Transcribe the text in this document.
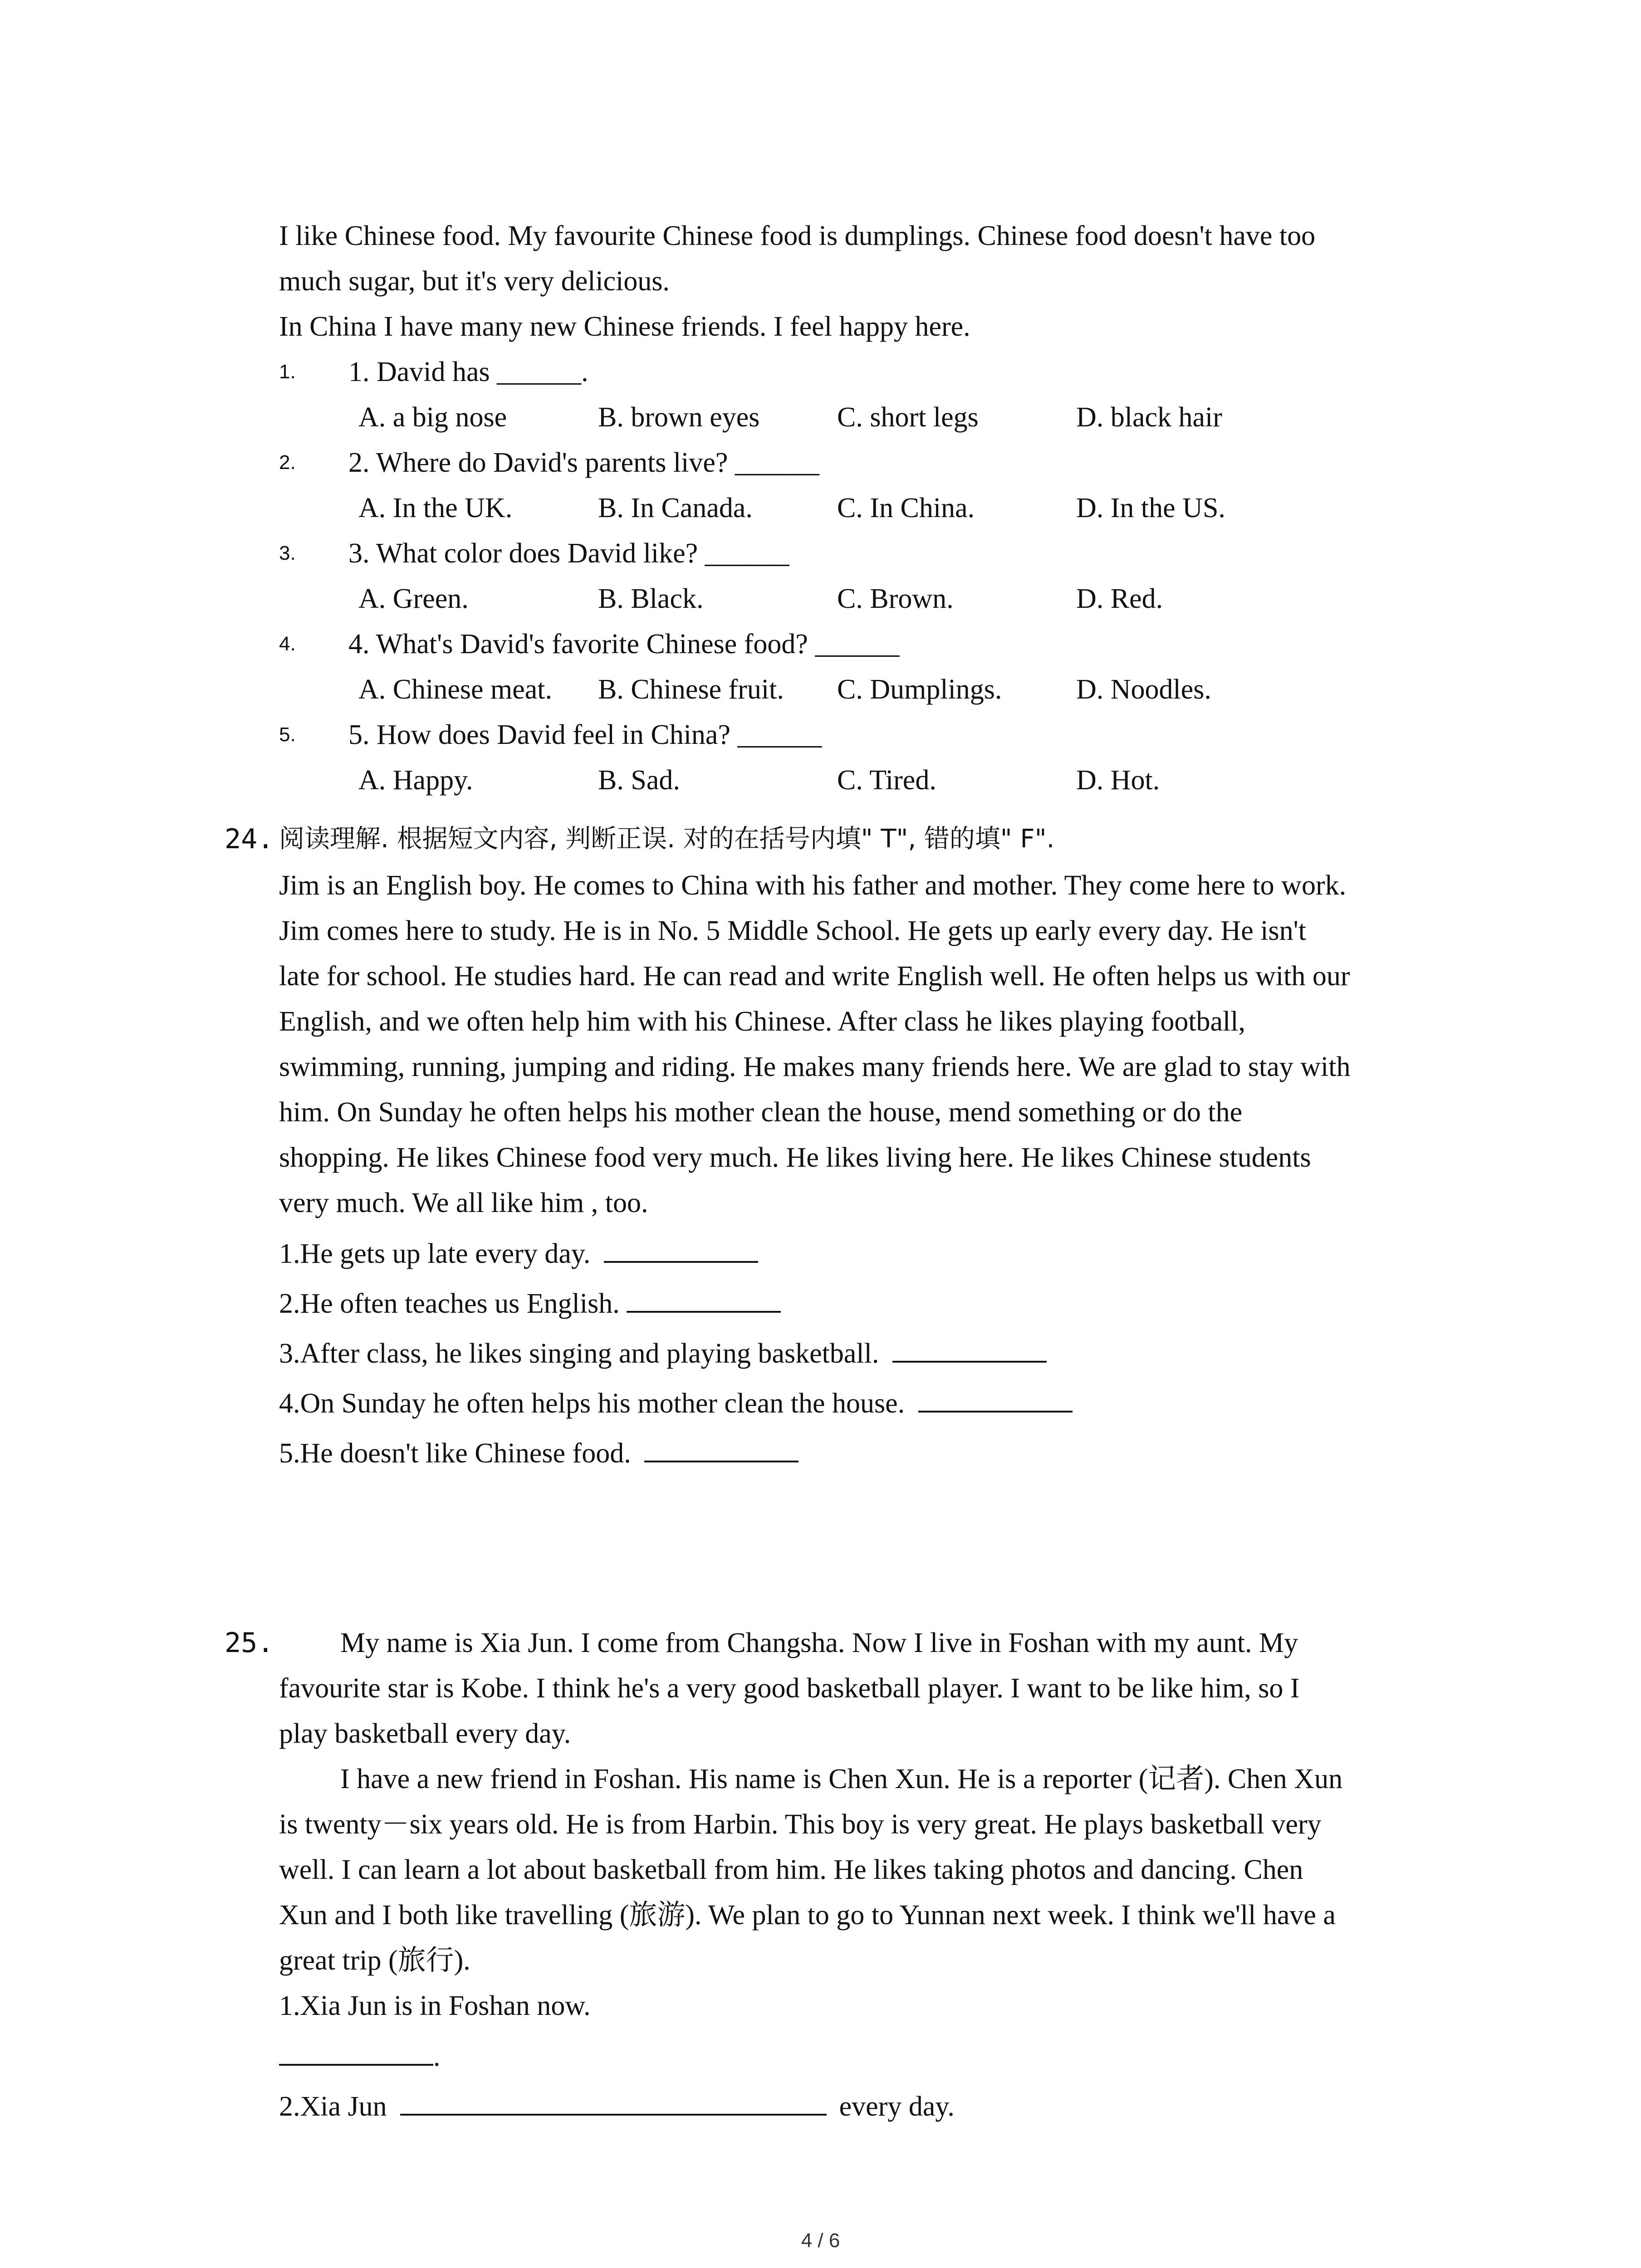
I like Chinese food. My favourite Chinese food is dumplings. Chinese food doesn't have too
much sugar, but it's very delicious.
In China I have many new Chinese friends. I feel happy here.
1. 1. David has ______.
A. a big nose	B. brown eyes	C. short legs	D. black hair
2. 2. Where do David's parents live? ______
A. In the UK.	B. In Canada.	C. In China.	D. In the US.
3. 3. What color does David like? ______
A. Green.	B. Black.	C. Brown.	D. Red.
4. 4. What's David's favorite Chinese food? ______
A. Chinese meat. B. Chinese fruit. C. Dumplings.	D. Noodles.
5. 5. How does David feel in China? ______
A. Happy.	B. Sad.	C. Tired.	D. Hot.
24. 阅读理解. 根据短文内容, 判断正误. 对的在括号内填" T", 错的填" F".
Jim is an English boy. He comes to China with his father and mother. They come here to work.
Jim comes here to study. He is in No. 5 Middle School. He gets up early every day. He isn't
late for school. He studies hard. He can read and write English well. He often helps us with our
English, and we often help him with his Chinese. After class he likes playing football,
swimming, running, jumping and riding. He makes many friends here. We are glad to stay with
him. On Sunday he often helps his mother clean the house, mend something or do the
shopping. He likes Chinese food very much. He likes living here. He likes Chinese students
very much. We all like him , too.
1.He gets up late every day.
2.He often teaches us English.
3.After class, he likes singing and playing basketball.
4.On Sunday he often helps his mother clean the house.
5.He doesn't like Chinese food.
25. My name is Xia Jun. I come from Changsha. Now I live in Foshan with my aunt. My
favourite star is Kobe. I think he's a very good basketball player. I want to be like him, so I
play basketball every day.
I have a new friend in Foshan. His name is Chen Xun. He is a reporter (记者). Chen Xun
is twenty－six years old. He is from Harbin. This boy is very great. He plays basketball very
well. I can learn a lot about basketball from him. He likes taking photos and dancing. Chen
Xun and I both like travelling (旅游). We plan to go to Yunnan next week. I think we'll have a
great trip (旅行).
1.Xia Jun is in Foshan now.
.
2.Xia Jun	every day.
4 / 6
